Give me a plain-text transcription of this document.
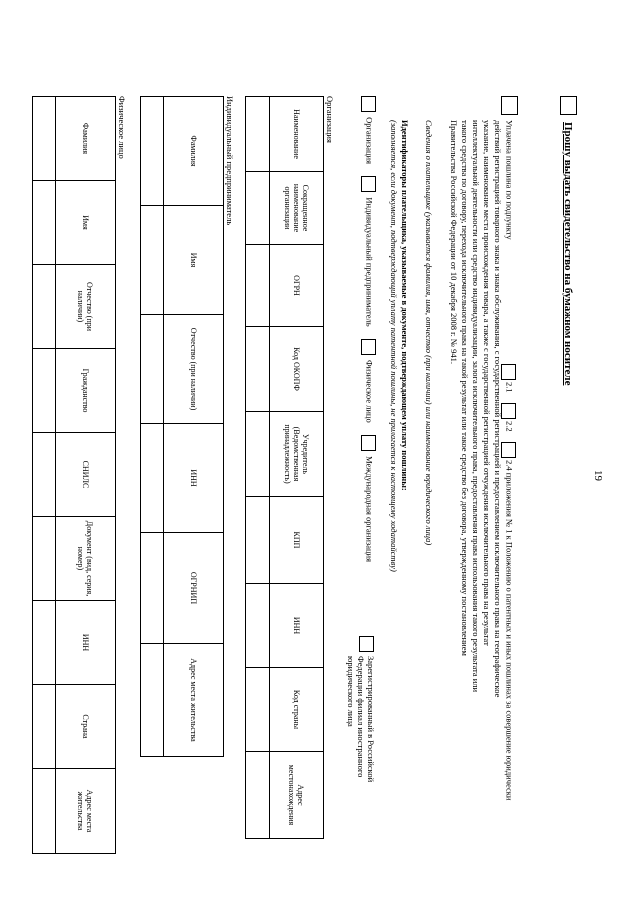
19
Прошу выдать свидетельство на бумажном носителе
Уплачена пошлина по подпункту   2.1   2.2   2.4 приложения № 1 к Положению о патентных и иных пошлинах за совершение юридически
действий регистрацией товарного знака и знака обслуживания, с государственной регистрацией и предоставлением исключительного права на географическое
указание, наименование места происхождения товара, а также с государственной регистрацией отчуждения исключительного права на результат
интеллектуальной деятельности или средство индивидуализации, залога исключительного права, предоставления права использования такого результата или
такого средства по договору, перехода исключительного права на такой результат или такое средство без договора, утвержденному постановлением
Правительства Российской Федерации от 10 декабря 2008 г. № 941.
Сведения о плательщике (указывается фамилия, имя, отчество (при наличии) или наименование юридического лица)
Идентификаторы плательщика, указываемые в документе, подтверждающем уплату пошлины:
(заполняется, если документ, подтверждающий уплату патентной пошлины, не прилагается к настоящему ходатайству)
Организация   Индивидуальный предприниматель   Физическое лицо   Международная организация
Зарегистрированный в Российской
Федерации филиал иностранного
юридического лица
Организация
Наименование	Сокращенное наименование организации	ОГРН	Код ОКОПФ	Учредитель (Ведомственная принадлежность)	КПП	ИНН	Код страны	Адрес местонахождения

Индивидуальный предприниматель
Фамилия	Имя	Отчество (при наличии)	ИНН	ОГРНИП	Адрес места жительства

Физическое лицо
Фамилия	Имя	Отчество (при наличии)	Гражданство	СНИЛС	Документ (вид, серия, номер)	ИНН	Страна	Адрес места жительства
